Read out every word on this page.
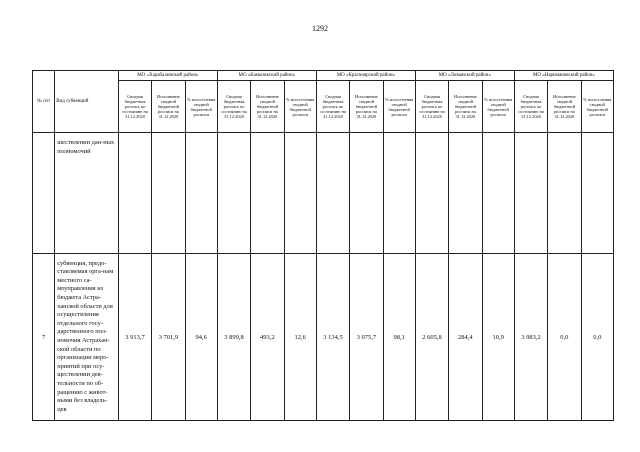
1292
№ п/п	Вид субвенций	МО «Харабалинский район»			МО «Камызякский район»			МО «Красноярский район»			МО «Лиманский район»			МО «Наримановский район»		
		Сводная бюджетная роспись по состоянию на 31.12.2020	Исполнение сводной бюджетной росписи на 31.12.2020	% испол-нения сводной бюджетной росписи	Сводная бюджетная роспись по состоянию на 31.12.2020	Исполнение сводной бюджетной росписи на 31.12.2020	% испол-нения сводной бюджетной росписи	Сводная бюджетная роспись по состоянию на 31.12.2020	Исполнение сводной бюджетной росписи на 31.12.2020	% испол-нения сводной бюджетной росписи	Сводная бюджетная роспись по состоянию на 31.12.2020	Исполнение сводной бюджетной росписи на 31.12.2020	% испол-нения сводной бюджетной росписи	Сводная бюджетная роспись по состоянию на 31.12.2020	Исполнение сводной бюджетной росписи на 31.12.2020	% испол-нения сводной бюджетной росписи
	шествлении дан-ных полномочий															
7	субвенция, предо-ставляемая орга-нам местного са-моуправления из бюджета Астра-ханской области для осуществления отдельного госу-дарственного пол-номочия Астрахан-ской области по организации меро-приятий при осу-ществлении дея-тельности по об-ращению с живот-ными без владель-цев	3 913,7	3 701,9	94,6	3 899,8	493,2	12,6	3 134,5	3 075,7	98,1	2 605,8	284,4	10,9	3 983,2	0,0	0,0
